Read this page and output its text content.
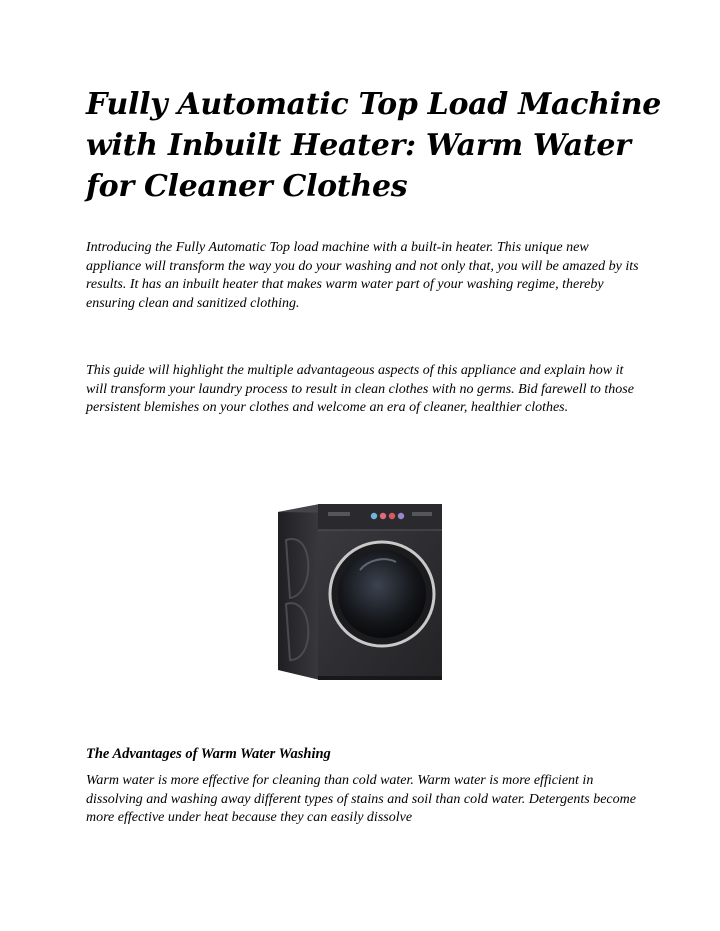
Fully Automatic Top Load Machine with Inbuilt Heater: Warm Water for Cleaner Clothes

Introducing the Fully Automatic Top load machine with a built-in heater. This unique new appliance will transform the way you do your washing and not only that, you will be amazed by its results. It has an inbuilt heater that makes warm water part of your washing regime, thereby ensuring clean and sanitized clothing.

This guide will highlight the multiple advantageous aspects of this appliance and explain how it will transform your laundry process to result in clean clothes with no germs. Bid farewell to those persistent blemishes on your clothes and welcome an era of cleaner, healthier clothes.

The Advantages of Warm Water Washing

Warm water is more effective for cleaning than cold water. Warm water is more efficient in dissolving and washing away different types of stains and soil than cold water. Detergents become more effective under heat because they can easily dissolve
